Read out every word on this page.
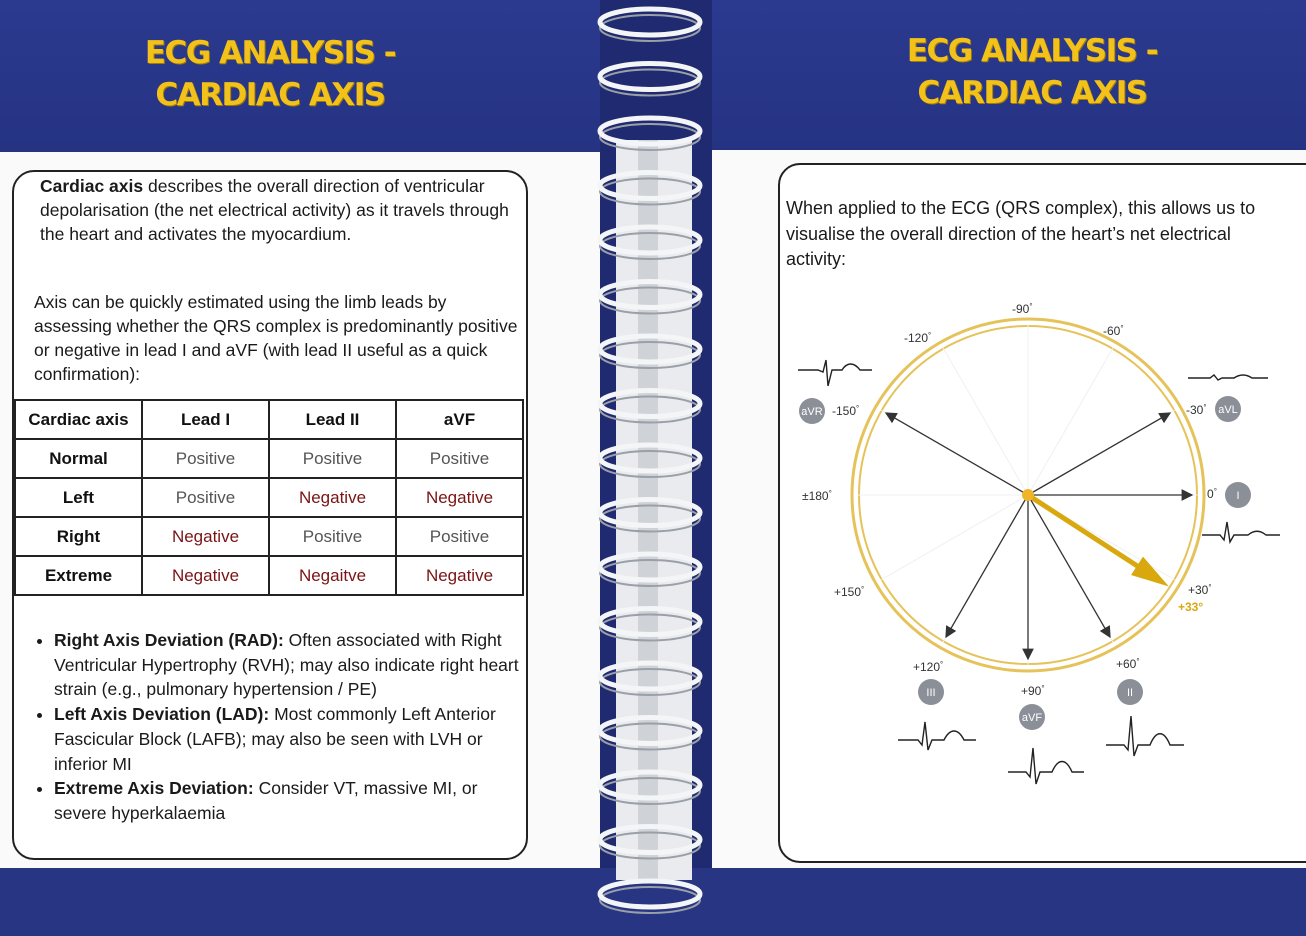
ECG ANALYSIS -
CARDIAC AXIS
ECG ANALYSIS -
CARDIAC AXIS
Cardiac axis describes the overall direction of ventricular depolarisation (the net electrical activity) as it travels through the heart and activates the myocardium.
Axis can be quickly estimated using the limb leads by assessing whether the QRS complex is predominantly positive or negative in lead I and aVF (with lead II useful as a quick confirmation):
Cardiac axis	Lead I	Lead II	aVF
Normal	Positive	Positive	Positive
Left	Positive	Negative	Negative
Right	Negative	Positive	Positive
Extreme	Negative	Negaitve	Negative
• Right Axis Deviation (RAD): Often associated with Right Ventricular Hypertrophy (RVH); may also indicate right heart strain (e.g., pulmonary hypertension / PE)
• Left Axis Deviation (LAD): Most commonly Left Anterior Fascicular Block (LAFB); may also be seen with LVH or inferior MI
• Extreme Axis Deviation: Consider VT, massive MI, or severe hyperkalaemia
When applied to the ECG (QRS complex), this allows us to visualise the overall direction of the heart’s net electrical activity:
-90°
-120°	-60°
-150°	-30°
±180°	0°
+150°	+30°
+33°
+120°	+60°
+90°
aVR	aVL
I
III	II
aVF
